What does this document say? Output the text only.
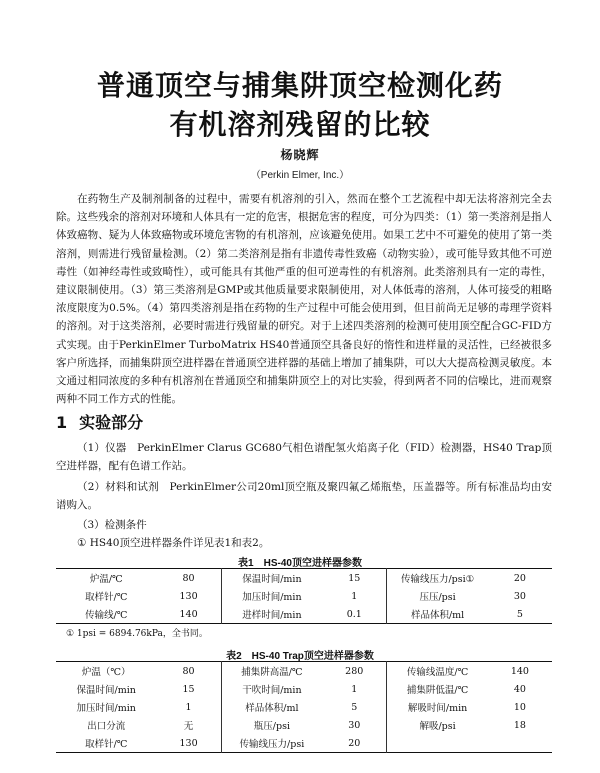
普通顶空与捕集阱顶空检测化药
有机溶剂残留的比较
杨晓辉
（Perkin Elmer, Inc.）

在药物生产及制剂制备的过程中，需要有机溶剂的引入，然而在整个工艺流程中却无法将溶剂完全去除。这些残余的溶剂对环境和人体具有一定的危害，根据危害的程度，可分为四类：（1）第一类溶剂是指人体致癌物、疑为人体致癌物或环境危害物的有机溶剂，应该避免使用。如果工艺中不可避免的使用了第一类溶剂，则需进行残留量检测。（2）第二类溶剂是指有非遗传毒性致癌（动物实验），或可能导致其他不可逆毒性（如神经毒性或致畸性），或可能具有其他严重的但可逆毒性的有机溶剂。此类溶剂具有一定的毒性，建议限制使用。（3）第三类溶剂是GMP或其他质量要求限制使用，对人体低毒的溶剂，人体可接受的粗略浓度限度为0.5%。（4）第四类溶剂是指在药物的生产过程中可能会使用到，但目前尚无足够的毒理学资料的溶剂。对于这类溶剂，必要时需进行残留量的研究。对于上述四类溶剂的检测可使用顶空配合GC-FID方式实现。由于PerkinElmer TurboMatrix HS40普通顶空具备良好的惰性和进样量的灵活性，已经被很多客户所选择，而捕集阱顶空进样器在普通顶空进样器的基础上增加了捕集阱，可以大大提高检测灵敏度。本文通过相同浓度的多种有机溶剂在普通顶空和捕集阱顶空上的对比实验，得到两者不同的信噪比，进而观察两种不同工作方式的性能。

1 实验部分

（1）仪器　PerkinElmer Clarus GC680气相色谱配氢火焰离子化（FID）检测器，HS40 Trap顶空进样器，配有色谱工作站。

（2）材料和试剂　PerkinElmer公司20ml顶空瓶及聚四氟乙烯瓶垫，压盖器等。所有标准品均由安谱购入。

（3）检测条件

① HS40顶空进样器条件详见表1和表2。

表1　HS-40顶空进样器参数
炉温/℃	80	保温时间/min	15	传输线压力/psi①	20
取样针/℃	130	加压时间/min	1	压压/psi	30
传输线/℃	140	进样时间/min	0.1	样品体积/ml	5
① 1psi = 6894.76kPa，全书同。
表2　HS-40 Trap顶空进样器参数
炉温（℃）	80	捕集阱高温/℃	280	传输线温度/℃	140
保温时间/min	15	干吹时间/min	1	捕集阱低温/℃	40
加压时间/min	1	样品体积/ml	5	解吸时间/min	10
出口分流	无	瓶压/psi	30	解吸/psi	18
取样针/℃	130	传输线压力/psi	20		
